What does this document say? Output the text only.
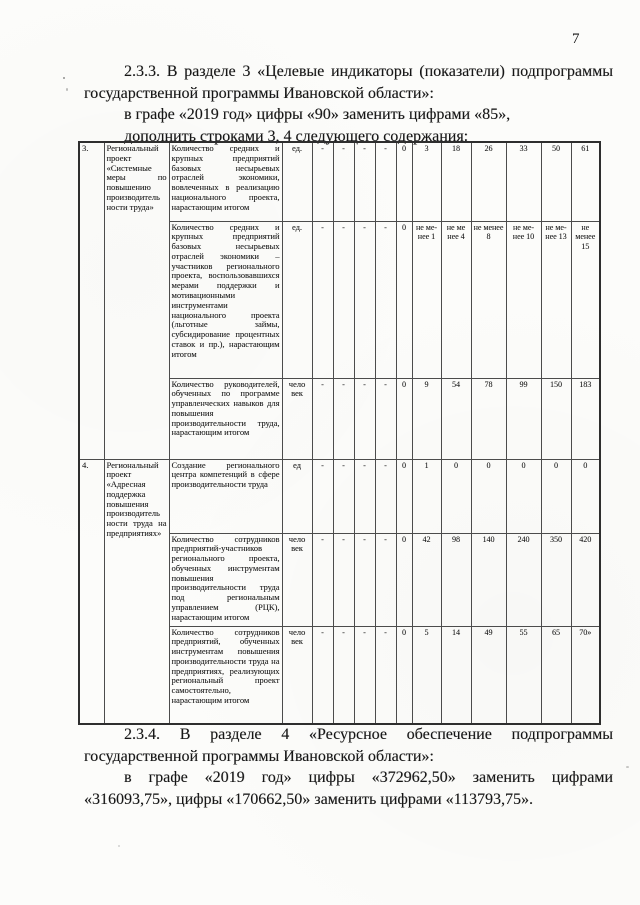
7

2.3.3. В разделе 3 «Целевые индикаторы (показатели) подпрограммы государственной программы Ивановской области»:

в графе «2019 год» цифры «90» заменить цифрами «85»,

дополнить строками 3, 4 следующего содержания:

3.	Региональный проект «Системные меры по повышению производитель ности труда»	Количество средних и крупных предприятий базовых несырьевых отраслей экономики, вовлеченных в реализацию национального проекта, нарастающим итогом	ед.	-	-	-	-	0	3	18	26	33	50	61
		Количество средних и крупных предприятий базовых несырьевых отраслей экономики – участников регионального проекта, воспользовавшихся мерами поддержки и мотивационными инструментами национального проекта (льготные займы, субсидирование процентных ставок и пр.), нарастающим итогом	ед.	-	-	-	-	0	не ме-нее 1	не ме нее 4	не менее 8	не ме-нее 10	не ме-нее 13	не менее 15
		Количество руководителей, обученных по программе управленческих навыков для повышения производительности труда, нарастающим итогом	чело век	-	-	-	-	0	9	54	78	99	150	183
4.	Региональный проект «Адресная поддержка повышения производитель ности труда на предприятиях»	Создание регионального центра компетенций в сфере производительности труда	ед	-	-	-	-	0	1	0	0	0	0	0
		Количество сотрудников предприятий-участников регионального проекта, обученных инструментам повышения производительности труда под региональным управлением (РЦК), нарастающим итогом	чело век	-	-	-	-	0	42	98	140	240	350	420
		Количество сотрудников предприятий, обученных инструментам повышения производительности труда на предприятиях, реализующих региональный проект самостоятельно, нарастающим итогом	чело век	-	-	-	-	0	5	14	49	55	65	70»

2.3.4. В разделе 4 «Ресурсное обеспечение подпрограммы государственной программы Ивановской области»:

в графе «2019 год» цифры «372962,50» заменить цифрами «316093,75», цифры «170662,50» заменить цифрами «113793,75».
